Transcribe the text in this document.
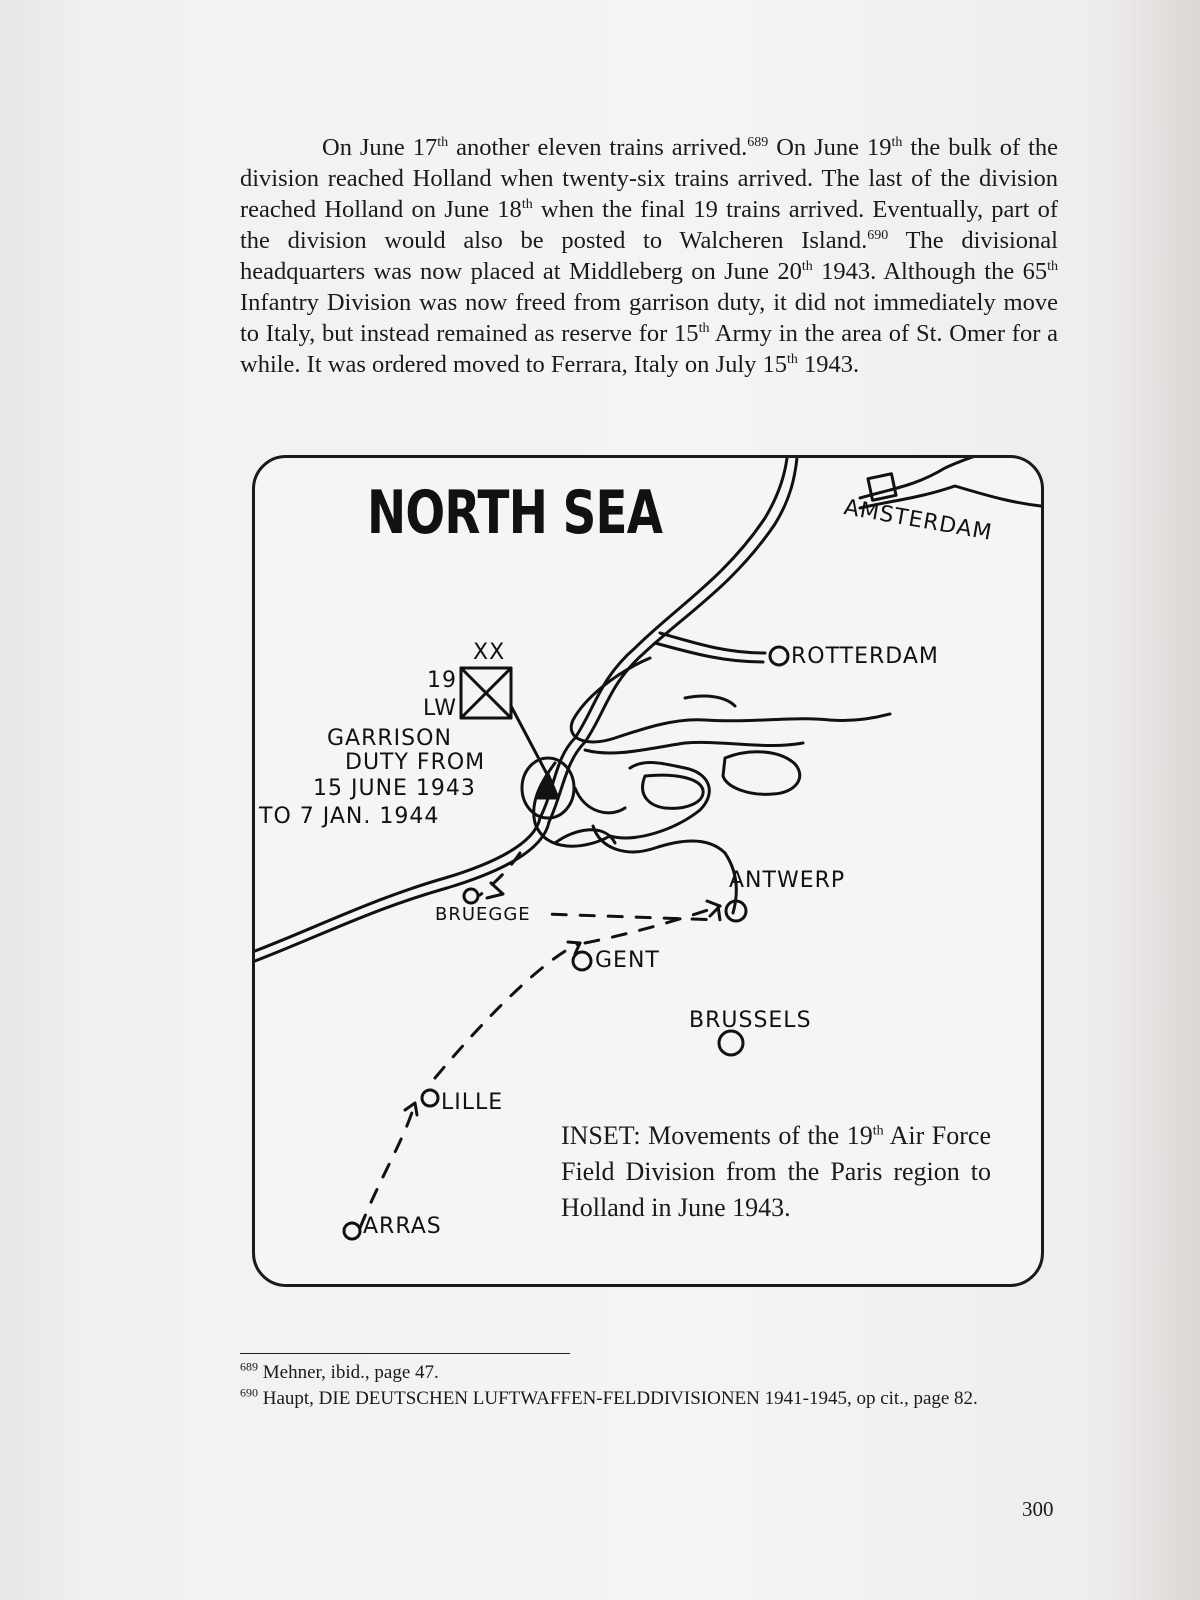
On June 17th another eleven trains arrived.$^{689}$ On June 19th the bulk of the division reached Holland when twenty-six trains arrived. The last of the division reached Holland on June 18th when the final 19 trains arrived. Eventually, part of the division would also be posted to Walcheren Island.$^{690}$ The divisional headquarters was now placed at Middleberg on June 20th 1943. Although the 65th Infantry Division was now freed from garrison duty, it did not immediately move to Italy, but instead remained as reserve for 15th Army in the area of St. Omer for a while. It was ordered moved to Ferrara, Italy on July 15th 1943.

NORTH SEA	AMSTERDAM
ROTTERDAM
ANTWERP
BRUEGGE
GENT
BRUSSELS
LILLE
ARRAS
XX
19
LW
GARRISON
DUTY FROM
15 JUNE 1943
TO 7 JAN. 1944

INSET: Movements of the 19th Air Force Field Division from the Paris region to Holland in June 1943.

$^{689}$ Mehner, ibid., page 47.
$^{690}$ Haupt, DIE DEUTSCHEN LUFTWAFFEN-FELDDIVISIONEN 1941-1945, op cit., page 82.
300
